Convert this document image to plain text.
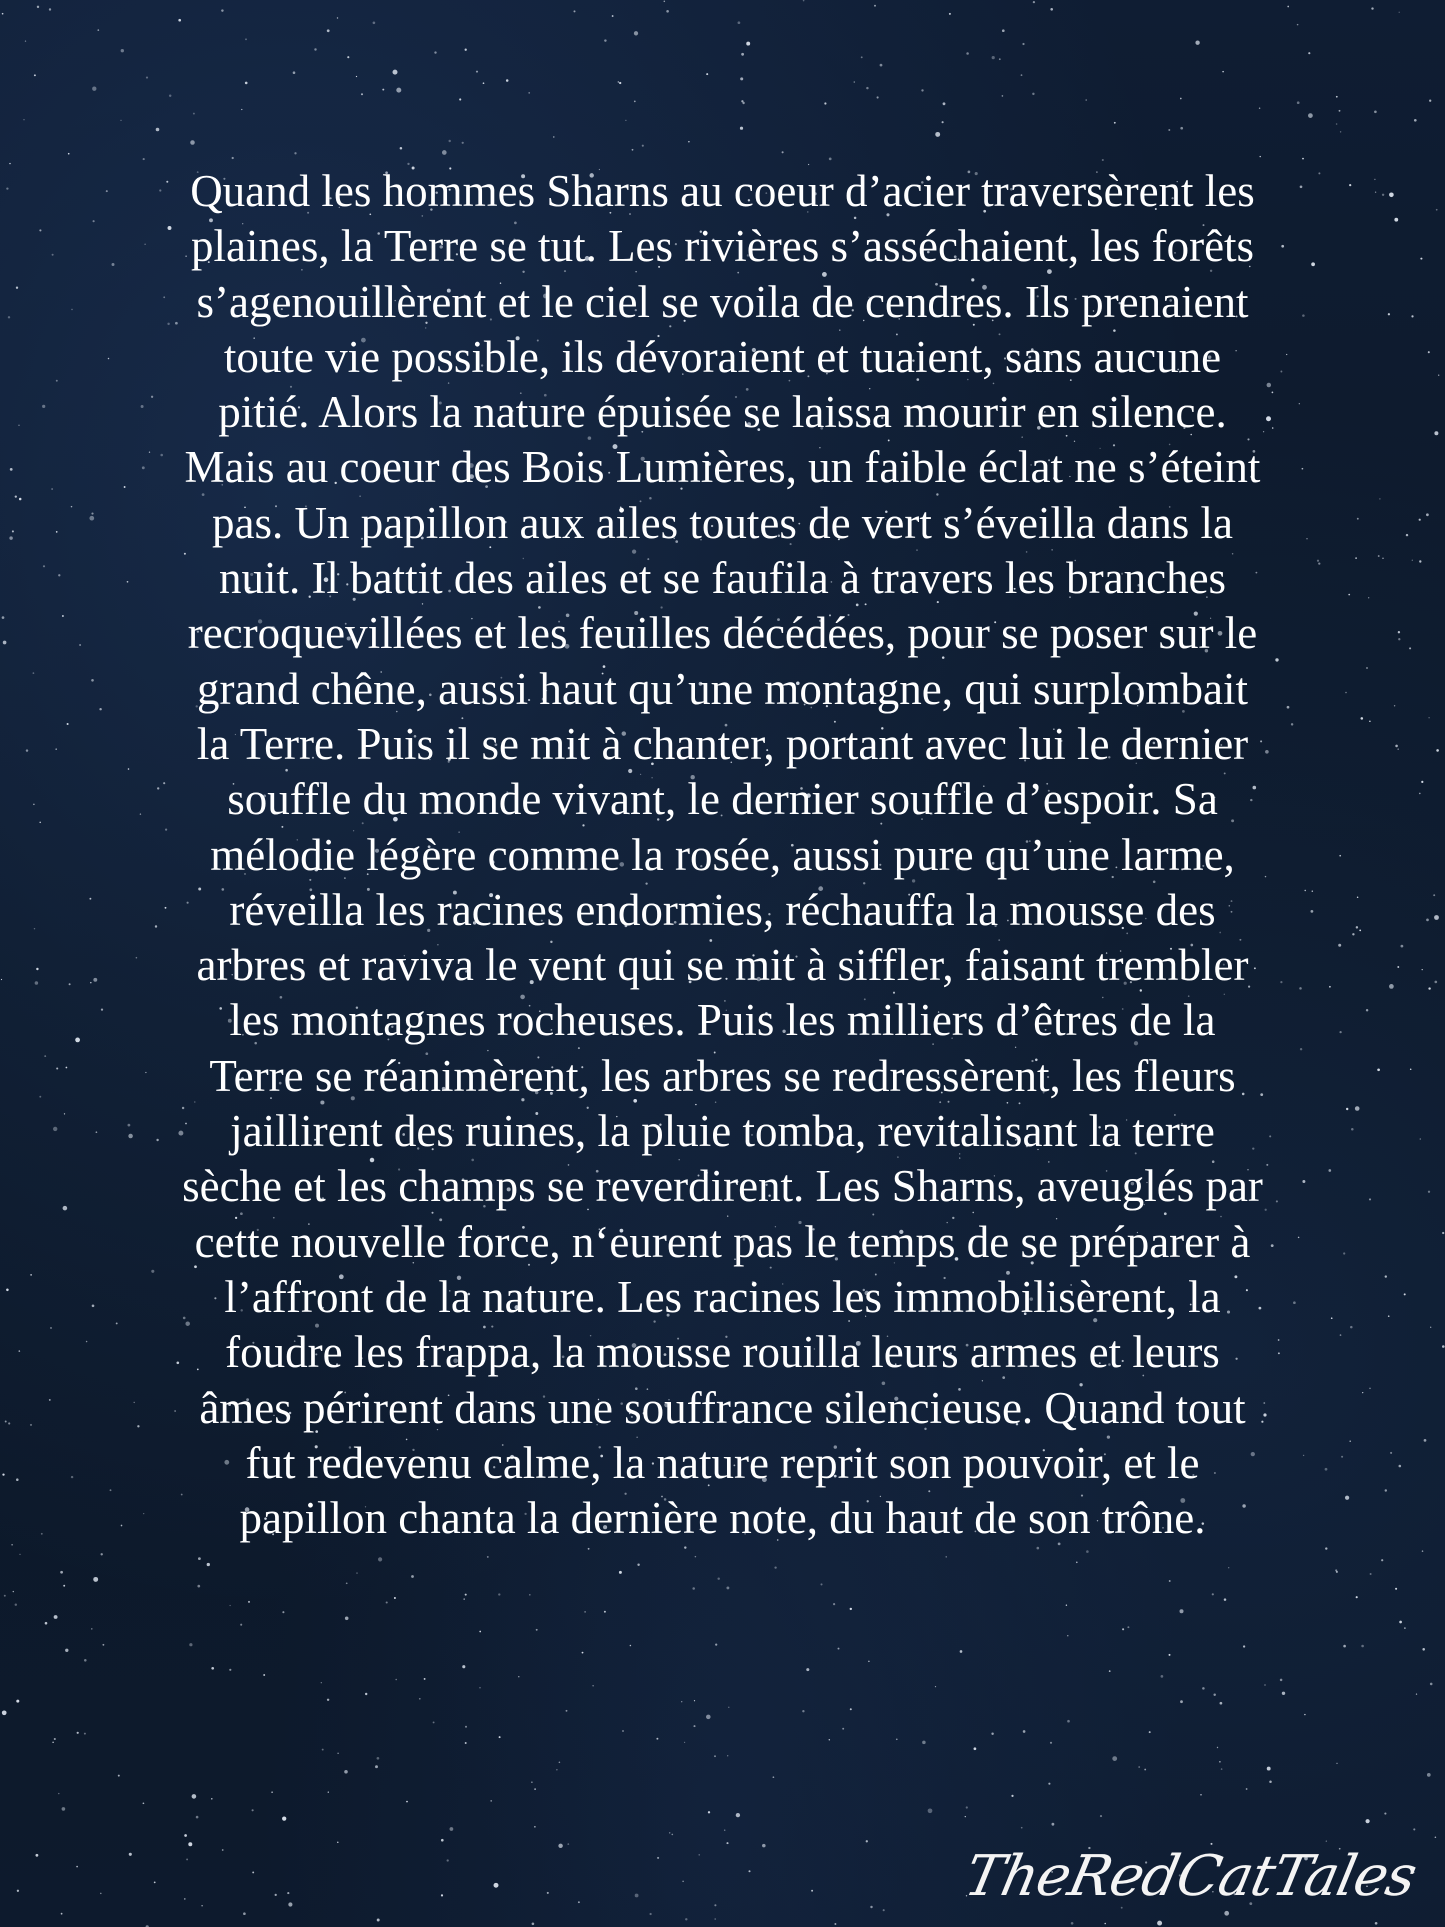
Quand les hommes Sharns au coeur d’acier traversèrent les
plaines, la Terre se tut. Les rivières s’asséchaient, les forêts
s’agenouillèrent et le ciel se voila de cendres. Ils prenaient
toute vie possible, ils dévoraient et tuaient, sans aucune
pitié. Alors la nature épuisée se laissa mourir en silence.
Mais au coeur des Bois Lumières, un faible éclat ne s’éteint
pas. Un papillon aux ailes toutes de vert s’éveilla dans la
nuit. Il battit des ailes et se faufila à travers les branches
recroquevillées et les feuilles décédées, pour se poser sur le
grand chêne, aussi haut qu’une montagne, qui surplombait
la Terre. Puis il se mit à chanter, portant avec lui le dernier
souffle du monde vivant, le dernier souffle d’espoir. Sa
mélodie légère comme la rosée, aussi pure qu’une larme,
réveilla les racines endormies, réchauffa la mousse des
arbres et raviva le vent qui se mit à siffler, faisant trembler
les montagnes rocheuses. Puis les milliers d’êtres de la
Terre se réanimèrent, les arbres se redressèrent, les fleurs
jaillirent des ruines, la pluie tomba, revitalisant la terre
sèche et les champs se reverdirent. Les Sharns, aveuglés par
cette nouvelle force, n‘eurent pas le temps de se préparer à
l’affront de la nature. Les racines les immobilisèrent, la
foudre les frappa, la mousse rouilla leurs armes et leurs
âmes périrent dans une souffrance silencieuse. Quand tout
fut redevenu calme, la nature reprit son pouvoir, et le
papillon chanta la dernière note, du haut de son trône.
TheRedCatTales
